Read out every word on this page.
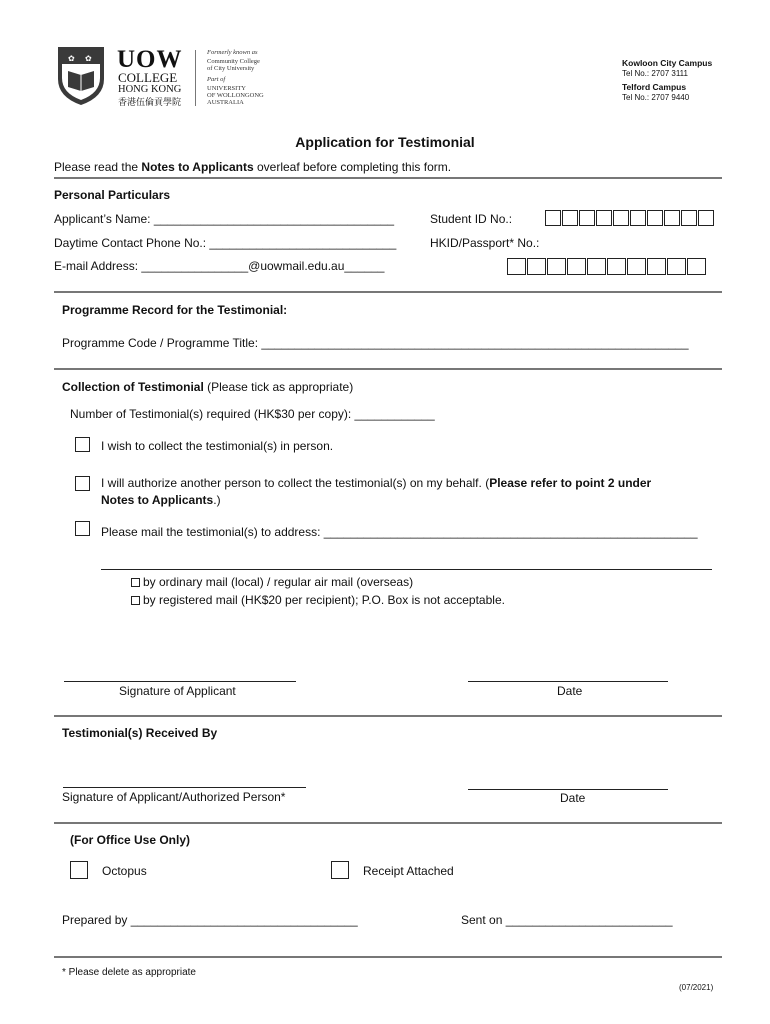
✿ ✿ UOW
COLLEGE
HONG KONG
香港伍倫貢學院
Formerly known as
Community College
of City University
Part of
UNIVERSITY
OF WOLLONGONG
AUSTRALIA
Kowloon City Campus
Tel No.: 2707 3111
Telford Campus
Tel No.: 2707 9440
Application for Testimonial
Please read the Notes to Applicants overleaf before completing this form.
Personal Particulars
Applicant’s Name: ____________________________________	Student ID No.:
Daytime Contact Phone No.: ____________________________	HKID/Passport* No.:
E-mail Address: ________________@uowmail.edu.au______
Programme Record for the Testimonial:
Programme Code / Programme Title: ________________________________________________________________
Collection of Testimonial (Please tick as appropriate)
Number of Testimonial(s) required (HK$30 per copy): ____________
I wish to collect the testimonial(s) in person.
I will authorize another person to collect the testimonial(s) on my behalf. (Please refer to point 2 under
Notes to Applicants.)
Please mail the testimonial(s) to address: ________________________________________________________
by ordinary mail (local) / regular air mail (overseas)
by registered mail (HK$20 per recipient); P.O. Box is not acceptable.
Signature of Applicant	Date
Testimonial(s) Received By
Signature of Applicant/Authorized Person*	Date
(For Office Use Only)
Octopus	Receipt Attached
Prepared by __________________________________	Sent on _________________________
* Please delete as appropriate
(07/2021)
